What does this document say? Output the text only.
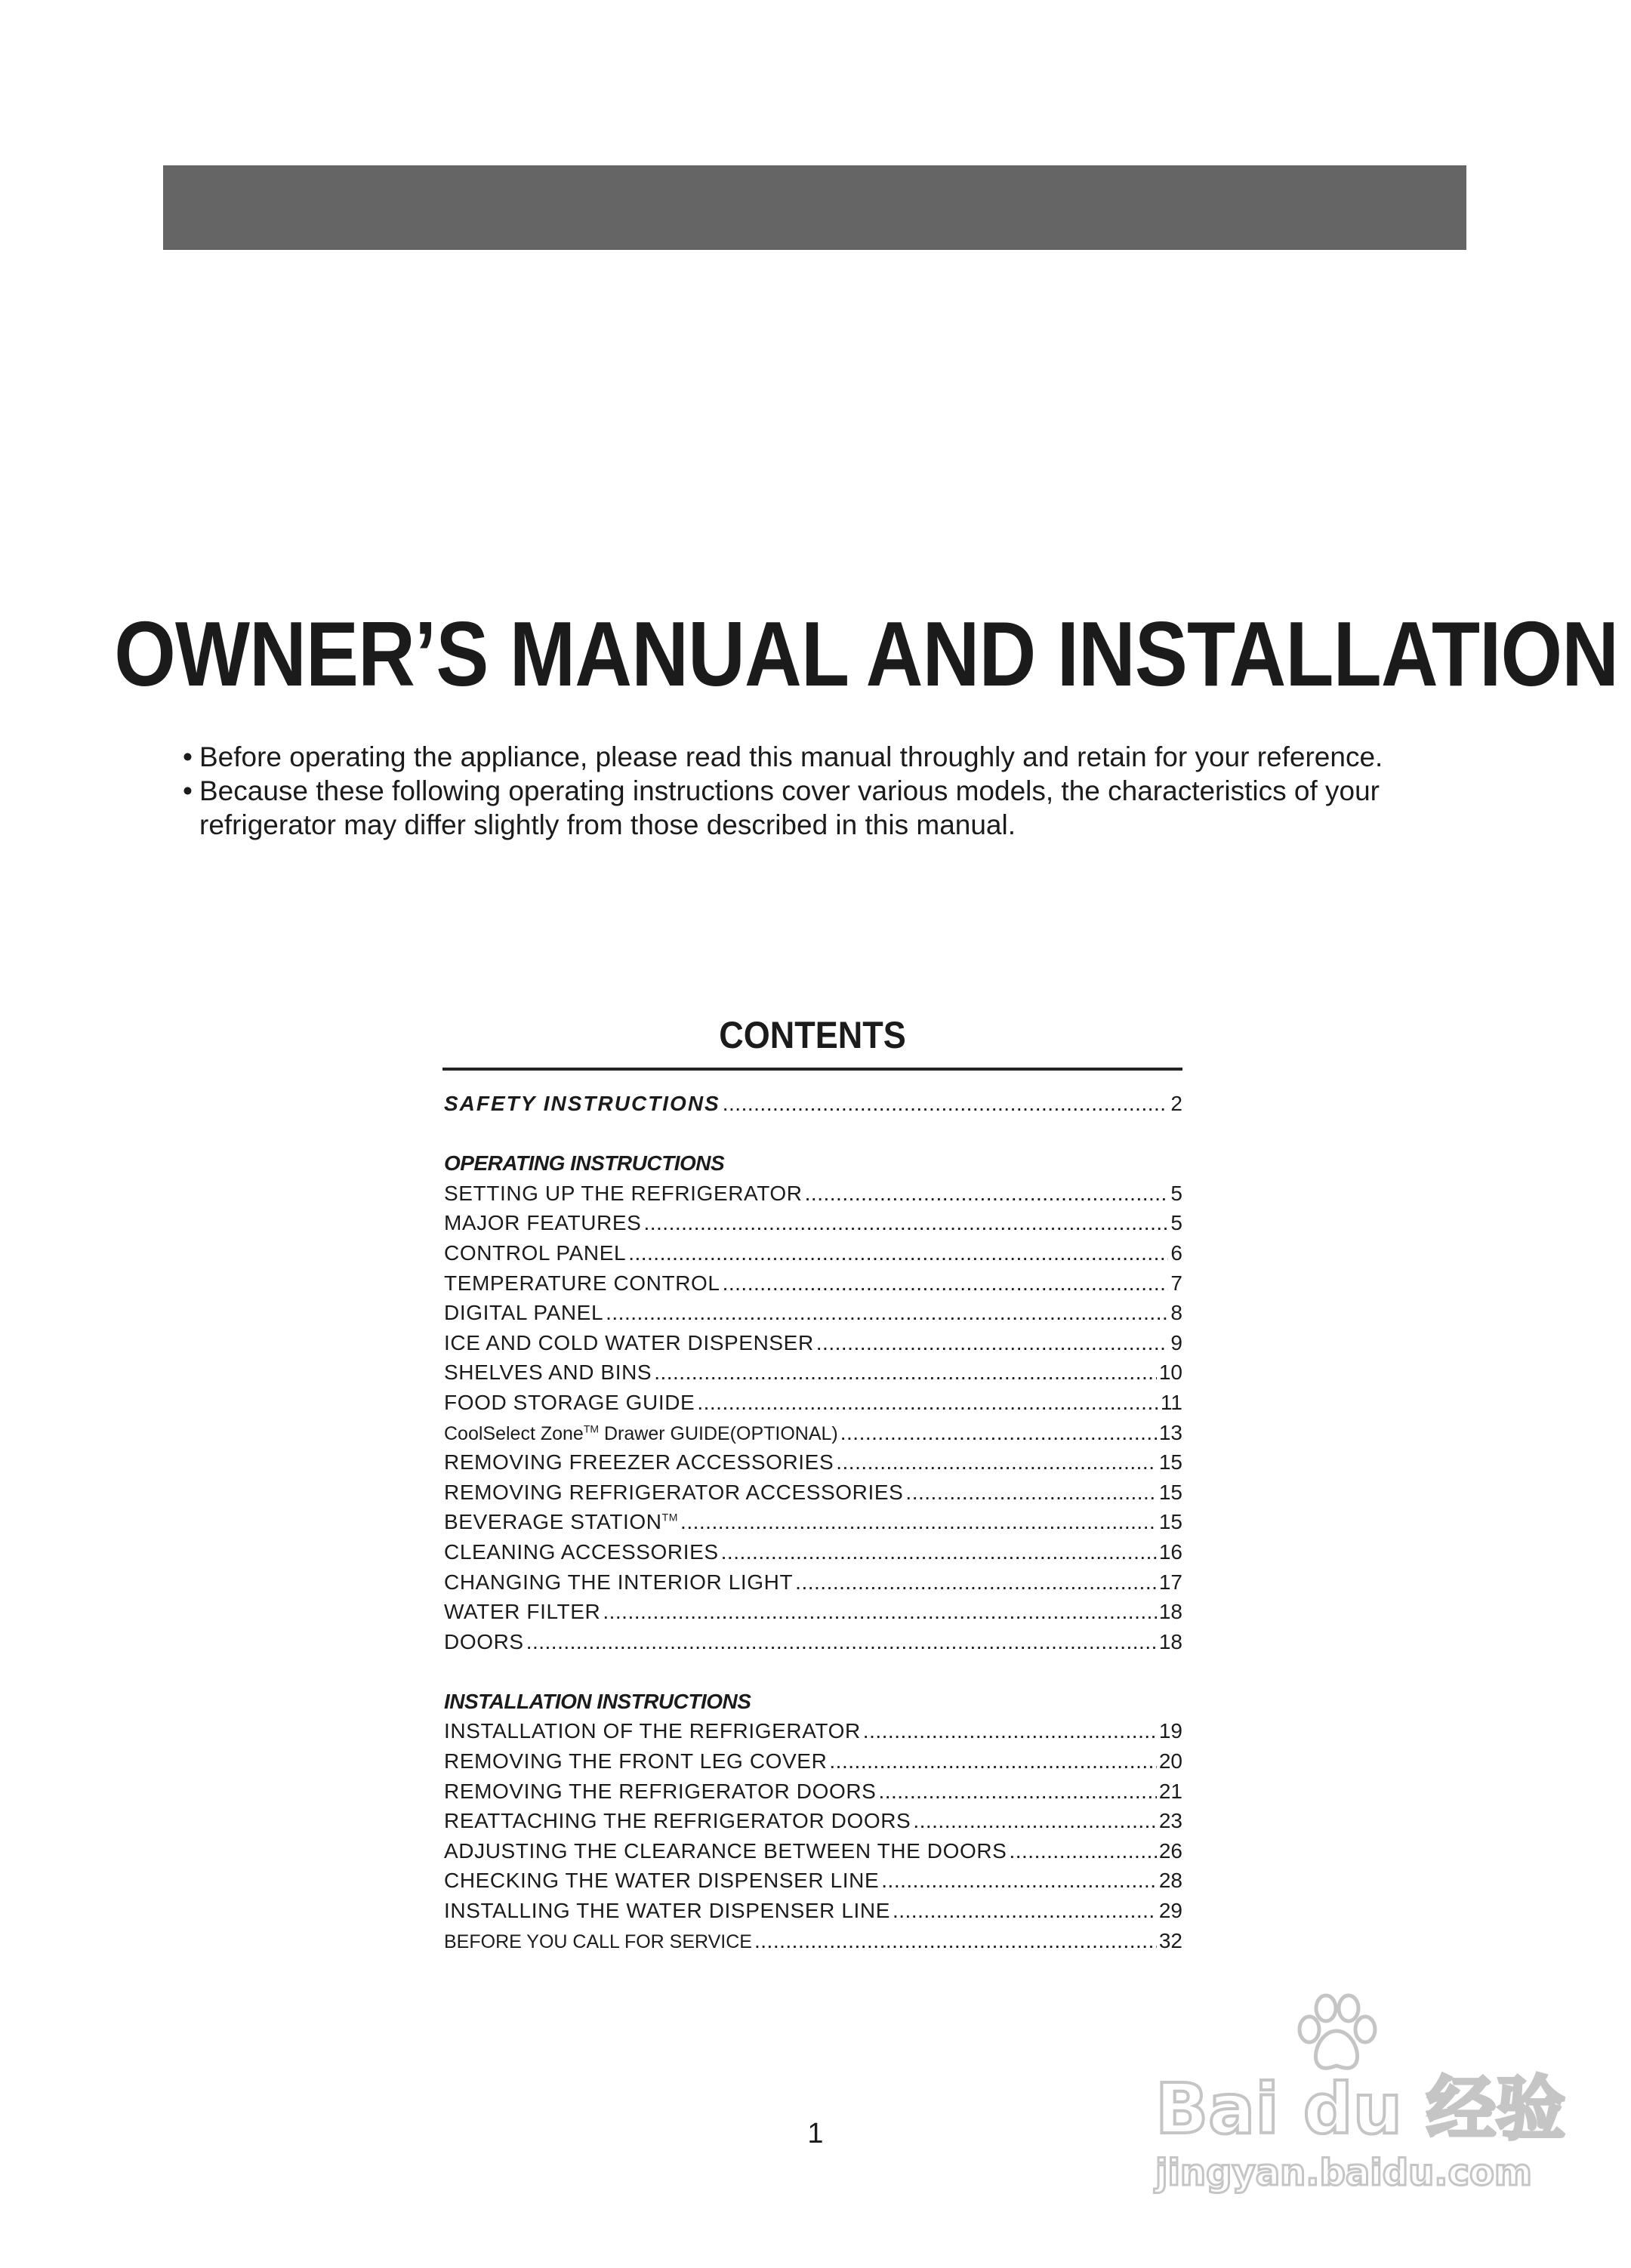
OWNER’S MANUAL AND INSTALLATION
• Before operating the appliance, please read this manual throughly and retain for your reference.
• Because these following operating instructions cover various models, the characteristics of your refrigerator may differ slightly from those described in this manual.
CONTENTS
SAFETY INSTRUCTIONS .....	2
OPERATING INSTRUCTIONS
SETTING UP THE REFRIGERATOR .....	5
MAJOR FEATURES .....	5
CONTROL PANEL .....	6
TEMPERATURE CONTROL .....	7
DIGITAL PANEL .....	8
ICE AND COLD WATER DISPENSER .....	9
SHELVES AND BINS .....	10
FOOD STORAGE GUIDE .....	11
CoolSelect Zone™ Drawer GUIDE(OPTIONAL) .....	13
REMOVING FREEZER ACCESSORIES .....	15
REMOVING REFRIGERATOR ACCESSORIES .....	15
BEVERAGE STATION™ .....	15
CLEANING ACCESSORIES .....	16
CHANGING THE INTERIOR LIGHT .....	17
WATER FILTER .....	18
DOORS .....	18
INSTALLATION INSTRUCTIONS
INSTALLATION OF THE REFRIGERATOR .....	19
REMOVING THE FRONT LEG COVER .....	20
REMOVING THE REFRIGERATOR DOORS .....	21
REATTACHING THE REFRIGERATOR DOORS .....	23
ADJUSTING THE CLEARANCE BETWEEN THE DOORS .....	26
CHECKING THE WATER DISPENSER LINE .....	28
INSTALLING THE WATER DISPENSER LINE .....	29
BEFORE YOU CALL FOR SERVICE .....	32
1	Bai du 经验
jingyan.baidu.com
